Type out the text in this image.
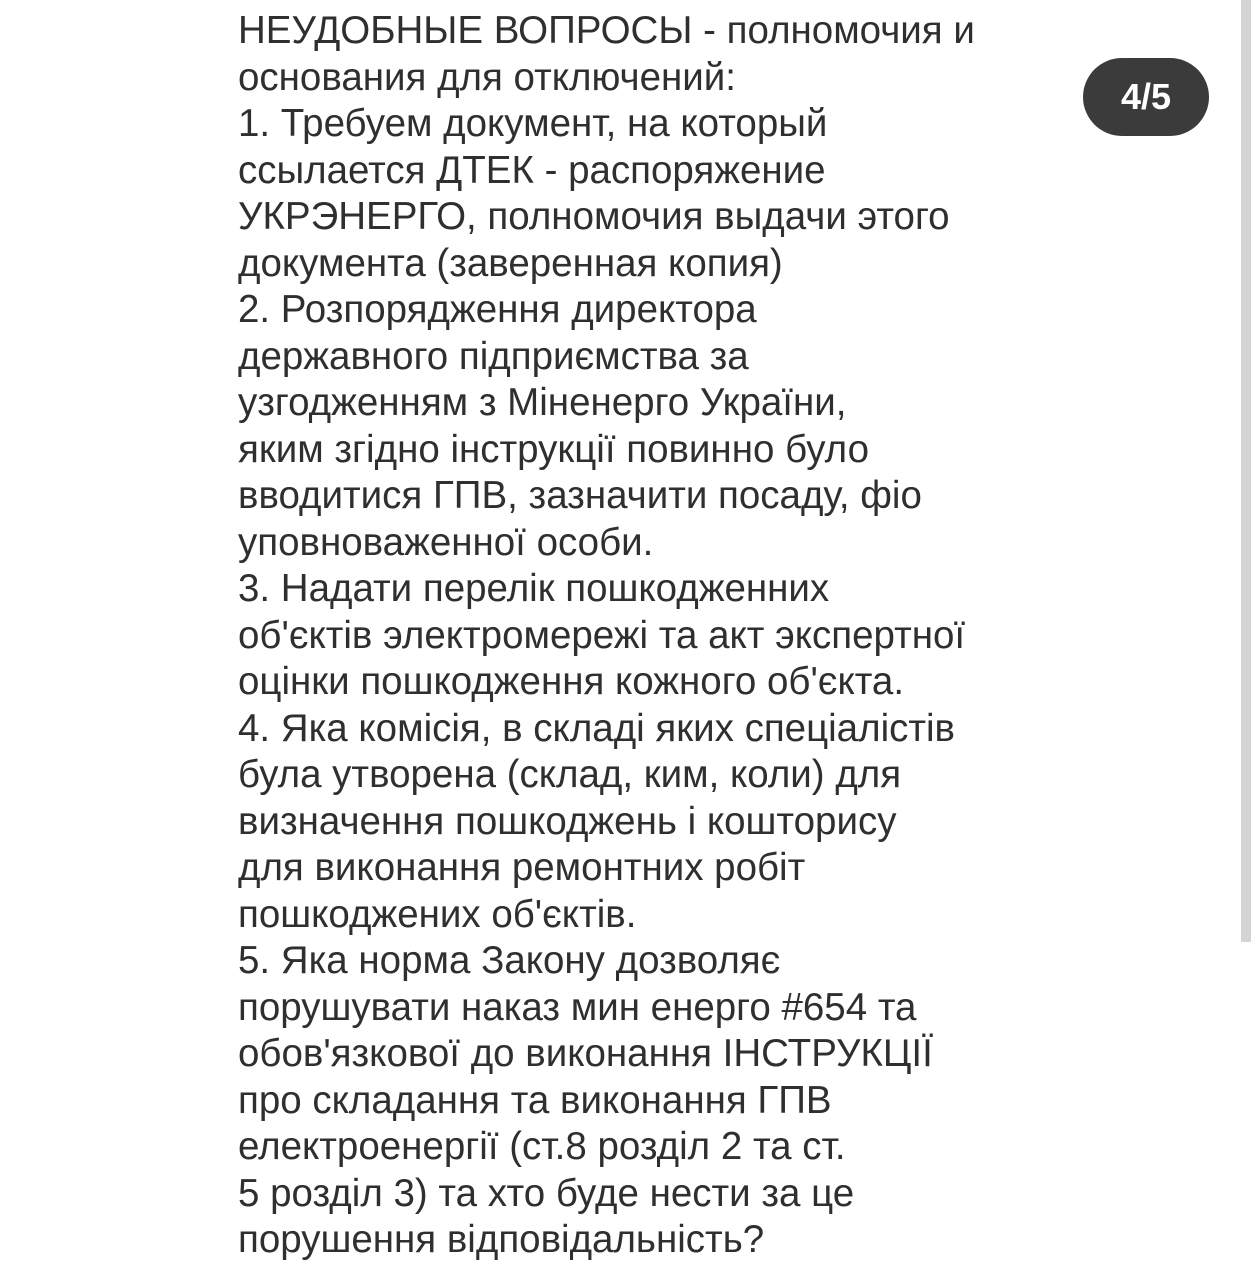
НЕУДОБНЫЕ ВОПРОСЫ - полномочия и
основания для отключений:
1. Требуем документ, на который
ссылается ДТЕК - распоряжение
УКРЭНЕРГО, полномочия выдачи этого
документа (заверенная копия)
2. Розпорядження директора
державного підприємства за
узгодженням з Міненерго України,
яким згідно інструкції повинно було
вводитися ГПВ, зазначити посаду, фіо
уповноваженної особи.
3. Надати перелік пошкодженних
об'єктів электромережі та акт экспертної
оцінки пошкодження кожного об'єкта.
4. Яка комісія, в складі яких спеціалістів
була утворена (склад, ким, коли) для
визначення пошкоджень і кошторису
для виконання ремонтних робіт
пошкоджених об'єктів.
5. Яка норма Закону дозволяє
порушувати наказ мин енерго #654 та
обов'язкової до виконання ІНСТРУКЦІЇ
про складання та виконання ГПВ
електроенергії (ст.8 розділ 2 та ст.
5 розділ 3) та хто буде нести за це
порушення відповідальність?
4/5
